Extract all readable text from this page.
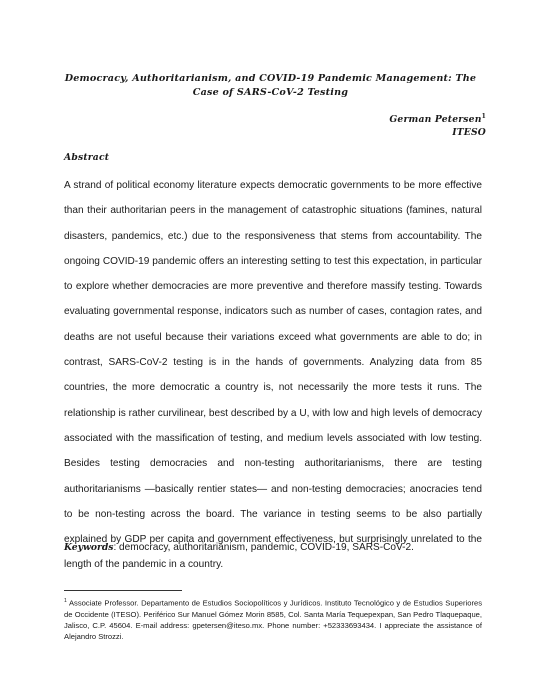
Democracy, Authoritarianism, and COVID-19 Pandemic Management: The Case of SARS-CoV-2 Testing
German Petersen$^1$
ITESO
Abstract
A strand of political economy literature expects democratic governments to be more effective than their authoritarian peers in the management of catastrophic situations (famines, natural disasters, pandemics, etc.) due to the responsiveness that stems from accountability. The ongoing COVID-19 pandemic offers an interesting setting to test this expectation, in particular to explore whether democracies are more preventive and therefore massify testing. Towards evaluating governmental response, indicators such as number of cases, contagion rates, and deaths are not useful because their variations exceed what governments are able to do; in contrast, SARS-CoV-2 testing is in the hands of governments. Analyzing data from 85 countries, the more democratic a country is, not necessarily the more tests it runs. The relationship is rather curvilinear, best described by a U, with low and high levels of democracy associated with the massification of testing, and medium levels associated with low testing. Besides testing democracies and non-testing authoritarianisms, there are testing authoritarianisms —basically rentier states— and non-testing democracies; anocracies tend to be non-testing across the board. The variance in testing seems to be also partially explained by GDP per capita and government effectiveness, but surprisingly unrelated to the length of the pandemic in a country.
Keywords: democracy, authoritarianism, pandemic, COVID-19, SARS-CoV-2.
$^1$ Associate Professor. Departamento de Estudios Sociopolíticos y Jurídicos. Instituto Tecnológico y de Estudios Superiores de Occidente (ITESO). Periférico Sur Manuel Gómez Morin 8585, Col. Santa María Tequepexpan, San Pedro Tlaquepaque, Jalisco, C.P. 45604. E-mail address: gpetersen@iteso.mx. Phone number: +52333693434. I appreciate the assistance of Alejandro Strozzi.
